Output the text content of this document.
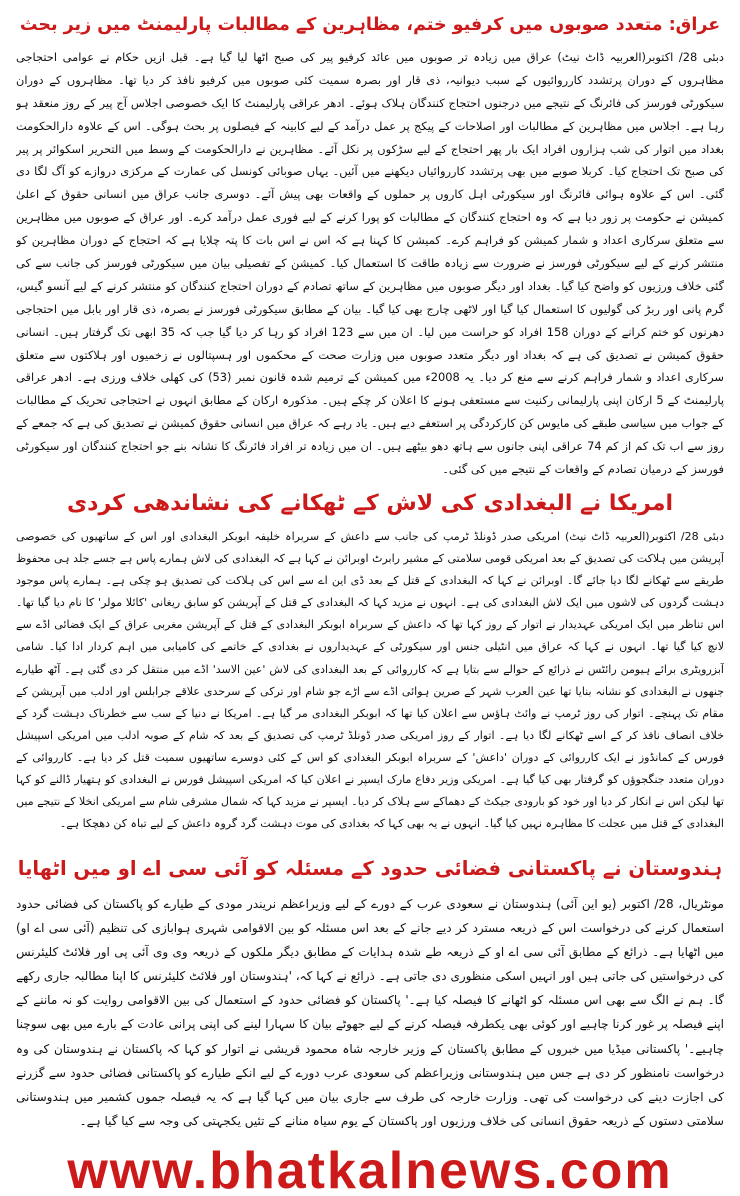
عراق: متعدد صوبوں میں کرفیو ختم، مظاہرین کے مطالبات پارلیمنٹ میں زیر بحث
دبئی 28/ اکتوبر(العربیہ ڈاٹ نیٹ) عراق میں زیادہ تر صوبوں میں عائد کرفیو پیر کی صبح اٹھا لیا گیا ہے۔ قبل ازیں حکام نے عوامی احتجاجی مظاہروں کے دوران پرتشدد کارروائیوں کے سبب دیوانیہ، ذی قار اور بصرہ سمیت کئی صوبوں میں کرفیو نافذ کر دیا تھا۔ مظاہروں کے دوران سیکورٹی فورسز کی فائرنگ کے نتیجے میں درجنوں احتجاج کنندگان ہلاک ہوئے۔ ادھر عراقی پارلیمنٹ کا ایک خصوصی اجلاس آج پیر کے روز منعقد ہو رہا ہے۔ اجلاس میں مظاہرین کے مطالبات اور اصلاحات کے پیکج پر عمل درآمد کے لیے کابینہ کے فیصلوں پر بحث ہوگی۔ اس کے علاوہ دارالحکومت بغداد میں اتوار کی شب ہزاروں افراد ایک بار پھر احتجاج کے لیے سڑکوں پر نکل آئے۔ مظاہرین نے دارالحکومت کے وسط میں التحریر اسکوائر پر پیر کی صبح تک احتجاج کیا۔ کربلا صوبے میں بھی پرتشدد کارروائیاں دیکھنے میں آئیں۔ یہاں صوبائی کونسل کی عمارت کے مرکزی دروازے کو آگ لگا دی گئی۔ اس کے علاوہ ہوائی فائرنگ اور سیکورٹی اہل کاروں پر حملوں کے واقعات بھی پیش آئے۔ دوسری جانب عراق میں انسانی حقوق کے اعلیٰ کمیشن نے حکومت پر زور دیا ہے کہ وہ احتجاج کنندگان کے مطالبات کو پورا کرنے کے لیے فوری عمل درآمد کرے۔ اور عراق کے صوبوں میں مظاہرین سے متعلق سرکاری اعداد و شمار کمیشن کو فراہم کرے۔ کمیشن کا کہنا ہے کہ اس نے اس بات کا پتہ چلایا ہے کہ احتجاج کے دوران مظاہرین کو منتشر کرنے کے لیے سیکورٹی فورسز نے ضرورت سے زیادہ طاقت کا استعمال کیا۔ کمیشن کے تفصیلی بیان میں سیکورٹی فورسز کی جانب سے کی گئی خلاف ورزیوں کو واضح کیا گیا۔ بغداد اور دیگر صوبوں میں مظاہرین کے ساتھ تصادم کے دوران احتجاج کنندگان کو منتشر کرنے کے لیے آنسو گیس، گرم پانی اور ربڑ کی گولیوں کا استعمال کیا گیا اور لاٹھی چارج بھی کیا گیا۔ بیان کے مطابق سیکورٹی فورسز نے بصرہ، ذی قار اور بابل میں احتجاجی دھرنوں کو ختم کرانے کے دوران 158 افراد کو حراست میں لیا۔ ان میں سے 123 افراد کو رہا کر دیا گیا جب کہ 35 ابھی تک گرفتار ہیں۔ انسانی حقوق کمیشن نے تصدیق کی ہے کہ بغداد اور دیگر متعدد صوبوں میں وزارت صحت کے محکموں اور ہسپتالوں نے زخمیوں اور ہلاکتوں سے متعلق سرکاری اعداد و شمار فراہم کرنے سے منع کر دیا۔ یہ 2008ء میں کمیشن کے ترمیم شدہ قانون نمبر (53) کی کھلی خلاف ورزی ہے۔ ادھر عراقی پارلیمنٹ کے 5 ارکان اپنی پارلیمانی رکنیت سے مستعفی ہونے کا اعلان کر چکے ہیں۔ مذکورہ ارکان کے مطابق انہوں نے احتجاجی تحریک کے مطالبات کے جواب میں سیاسی طبقے کی مایوس کن کارکردگی پر استعفے دیے ہیں۔ یاد رہے کہ عراق میں انسانی حقوق کمیشن نے تصدیق کی ہے کہ جمعے کے روز سے اب تک کم از کم 74 عراقی اپنی جانوں سے ہاتھ دھو بیٹھے ہیں۔ ان میں زیادہ تر افراد فائرنگ کا نشانہ بنے جو احتجاج کنندگان اور سیکورٹی فورسز کے درمیان تصادم کے واقعات کے نتیجے میں کی گئی۔
امریکا نے البغدادی کی لاش کے ٹھکانے کی نشاندھی کردی
دبئی 28/ اکتوبر(العربیہ ڈاٹ نیٹ) امریکی صدر ڈونلڈ ٹرمپ کی جانب سے داعش کے سربراہ خلیفہ ابوبکر البغدادی اور اس کے ساتھیوں کی خصوصی آپریشن میں ہلاکت کی تصدیق کے بعد امریکی قومی سلامتی کے مشیر رابرٹ اوبرائن نے کہا ہے کہ البغدادی کی لاش ہمارے پاس ہے جسے جلد ہی محفوظ طریقے سے ٹھکانے لگا دیا جائے گا۔ اوبرائن نے کہا کہ البغدادی کے قتل کے بعد ڈی این اے سے اس کی ہلاکت کی تصدیق ہو چکی ہے۔ ہمارے پاس موجود دہشت گردوں کی لاشوں میں ایک لاش البغدادی کی ہے۔ انہوں نے مزید کہا کہ البغدادی کے قتل کے آپریشن کو سابق ریغانی 'کائلا مولر' کا نام دیا گیا تھا۔ اس تناظر میں ایک امریکی عہدیدار نے اتوار کے روز کہا تھا کہ داعش کے سربراہ ابوبکر البغدادی کے قتل کے آپریشن مغربی عراق کے ایک فضائی اڈے سے لانچ کیا گیا تھا۔ انہوں نے کہا کہ عراق میں انٹیلی جنس اور سیکورٹی کے عہدیداروں نے بغدادی کے خاتمے کی کامیابی میں اہم کردار ادا کیا۔ شامی آبزرویٹری برائے ہیومن رائٹس نے ذرائع کے حوالے سے بتایا ہے کہ کارروائی کے بعد البغدادی کی لاش 'عین الاسد' اڈے میں منتقل کر دی گئی ہے۔ آٹھ طیارے جنھوں نے البغدادی کو نشانہ بنایا تھا عین العرب شہر کے صرین ہوائی اڈے سے اڑے جو شام اور ترکی کے سرحدی علاقے جرابلس اور ادلب میں آپریشن کے مقام تک پہنچے۔ اتوار کی روز ٹرمپ نے وائٹ ہاؤس سے اعلان کیا تھا کہ ابوبکر البغدادی مر گیا ہے۔ امریکا نے دنیا کے سب سے خطرناک دہشت گرد کے خلاف انصاف نافذ کر کے اسے ٹھکانے لگا دیا ہے۔ اتوار کے روز امریکی صدر ڈونلڈ ٹرمپ کی تصدیق کے بعد کہ شام کے صوبہ ادلب میں امریکی اسپیشل فورس کے کمانڈوز نے ایک کارروائی کے دوران 'داعش' کے سربراہ ابوبکر البغدادی کو اس کے کئی دوسرے ساتھیوں سمیت قتل کر دیا ہے۔ کارروائی کے دوران متعدد جنگجوؤں کو گرفتار بھی کیا گیا ہے۔ امریکی وزیر دفاع مارک ایسپر نے اعلان کیا کہ امریکی اسپیشل فورس نے البغدادی کو ہتھیار ڈالنے کو کہا تھا لیکن اس نے انکار کر دیا اور خود کو بارودی جیکٹ کے دھماکے سے ہلاک کر دیا۔ ایسپر نے مزید کہا کہ شمال مشرقی شام سے امریکی انخلا کے نتیجے میں البغدادی کے قتل میں عجلت کا مظاہرہ نہیں کیا گیا۔ انہوں نے یہ بھی کہا کہ بغدادی کی موت دہشت گرد گروہ داعش کے لیے تباہ کن دھچکا ہے۔
ہندوستان نے پاکستانی فضائی حدود کے مسئلہ کو آئی سی اے او میں اٹھایا
مونٹریال، 28/ اکتوبر (یو این آئی) ہندوستان نے سعودی عرب کے دورے کے لیے وزیراعظم نریندر مودی کے طیارے کو پاکستان کی فضائی حدود استعمال کرنے کی درخواست اس کے ذریعہ مسترد کر دیے جانے کے بعد اس مسئلہ کو بین الاقوامی شہری ہوابازی کی تنظیم (آئی سی اے او) میں اٹھایا ہے۔ ذرائع کے مطابق آئی سی اے او کے ذریعہ طے شدہ ہدایات کے مطابق دیگر ملکوں کے ذریعہ وی وی آئی پی اور فلائٹ کلیئرنس کی درخواستیں کی جاتی ہیں اور انہیں اسکی منظوری دی جاتی ہے۔ ذرائع نے کہا کہ، 'ہندوستان اور فلائٹ کلیئرنس کا اپنا مطالبہ جاری رکھے گا۔ ہم نے الگ سے بھی اس مسئلہ کو اٹھانے کا فیصلہ کیا ہے۔' پاکستان کو فضائی حدود کے استعمال کی بین الاقوامی روایت کو نہ ماننے کے اپنے فیصلہ پر غور کرنا چاہیے اور کوئی بھی یکطرفہ فیصلہ کرنے کے لیے جھوٹے بیان کا سہارا لینے کی اپنی پرانی عادت کے بارے میں بھی سوچنا چاہیے۔' پاکستانی میڈیا میں خبروں کے مطابق پاکستان کے وزیر خارجہ شاہ محمود قریشی نے اتوار کو کہا کہ پاکستان نے ہندوستان کی وہ درخواست نامنظور کر دی ہے جس میں ہندوستانی وزیراعظم کی سعودی عرب دورے کے لیے انکے طیارے کو پاکستانی فضائی حدود سے گزرنے کی اجازت دینے کی درخواست کی تھی۔ وزارت خارجہ کی طرف سے جاری بیان میں کہا گیا ہے کہ یہ فیصلہ جموں کشمیر میں ہندوستانی سلامتی دستوں کے ذریعہ حقوق انسانی کی خلاف ورزیوں اور پاکستان کے یوم سیاہ منانے کے تئیں یکجہتی کی وجہ سے کیا گیا ہے۔
www.bhatkalnews.com
